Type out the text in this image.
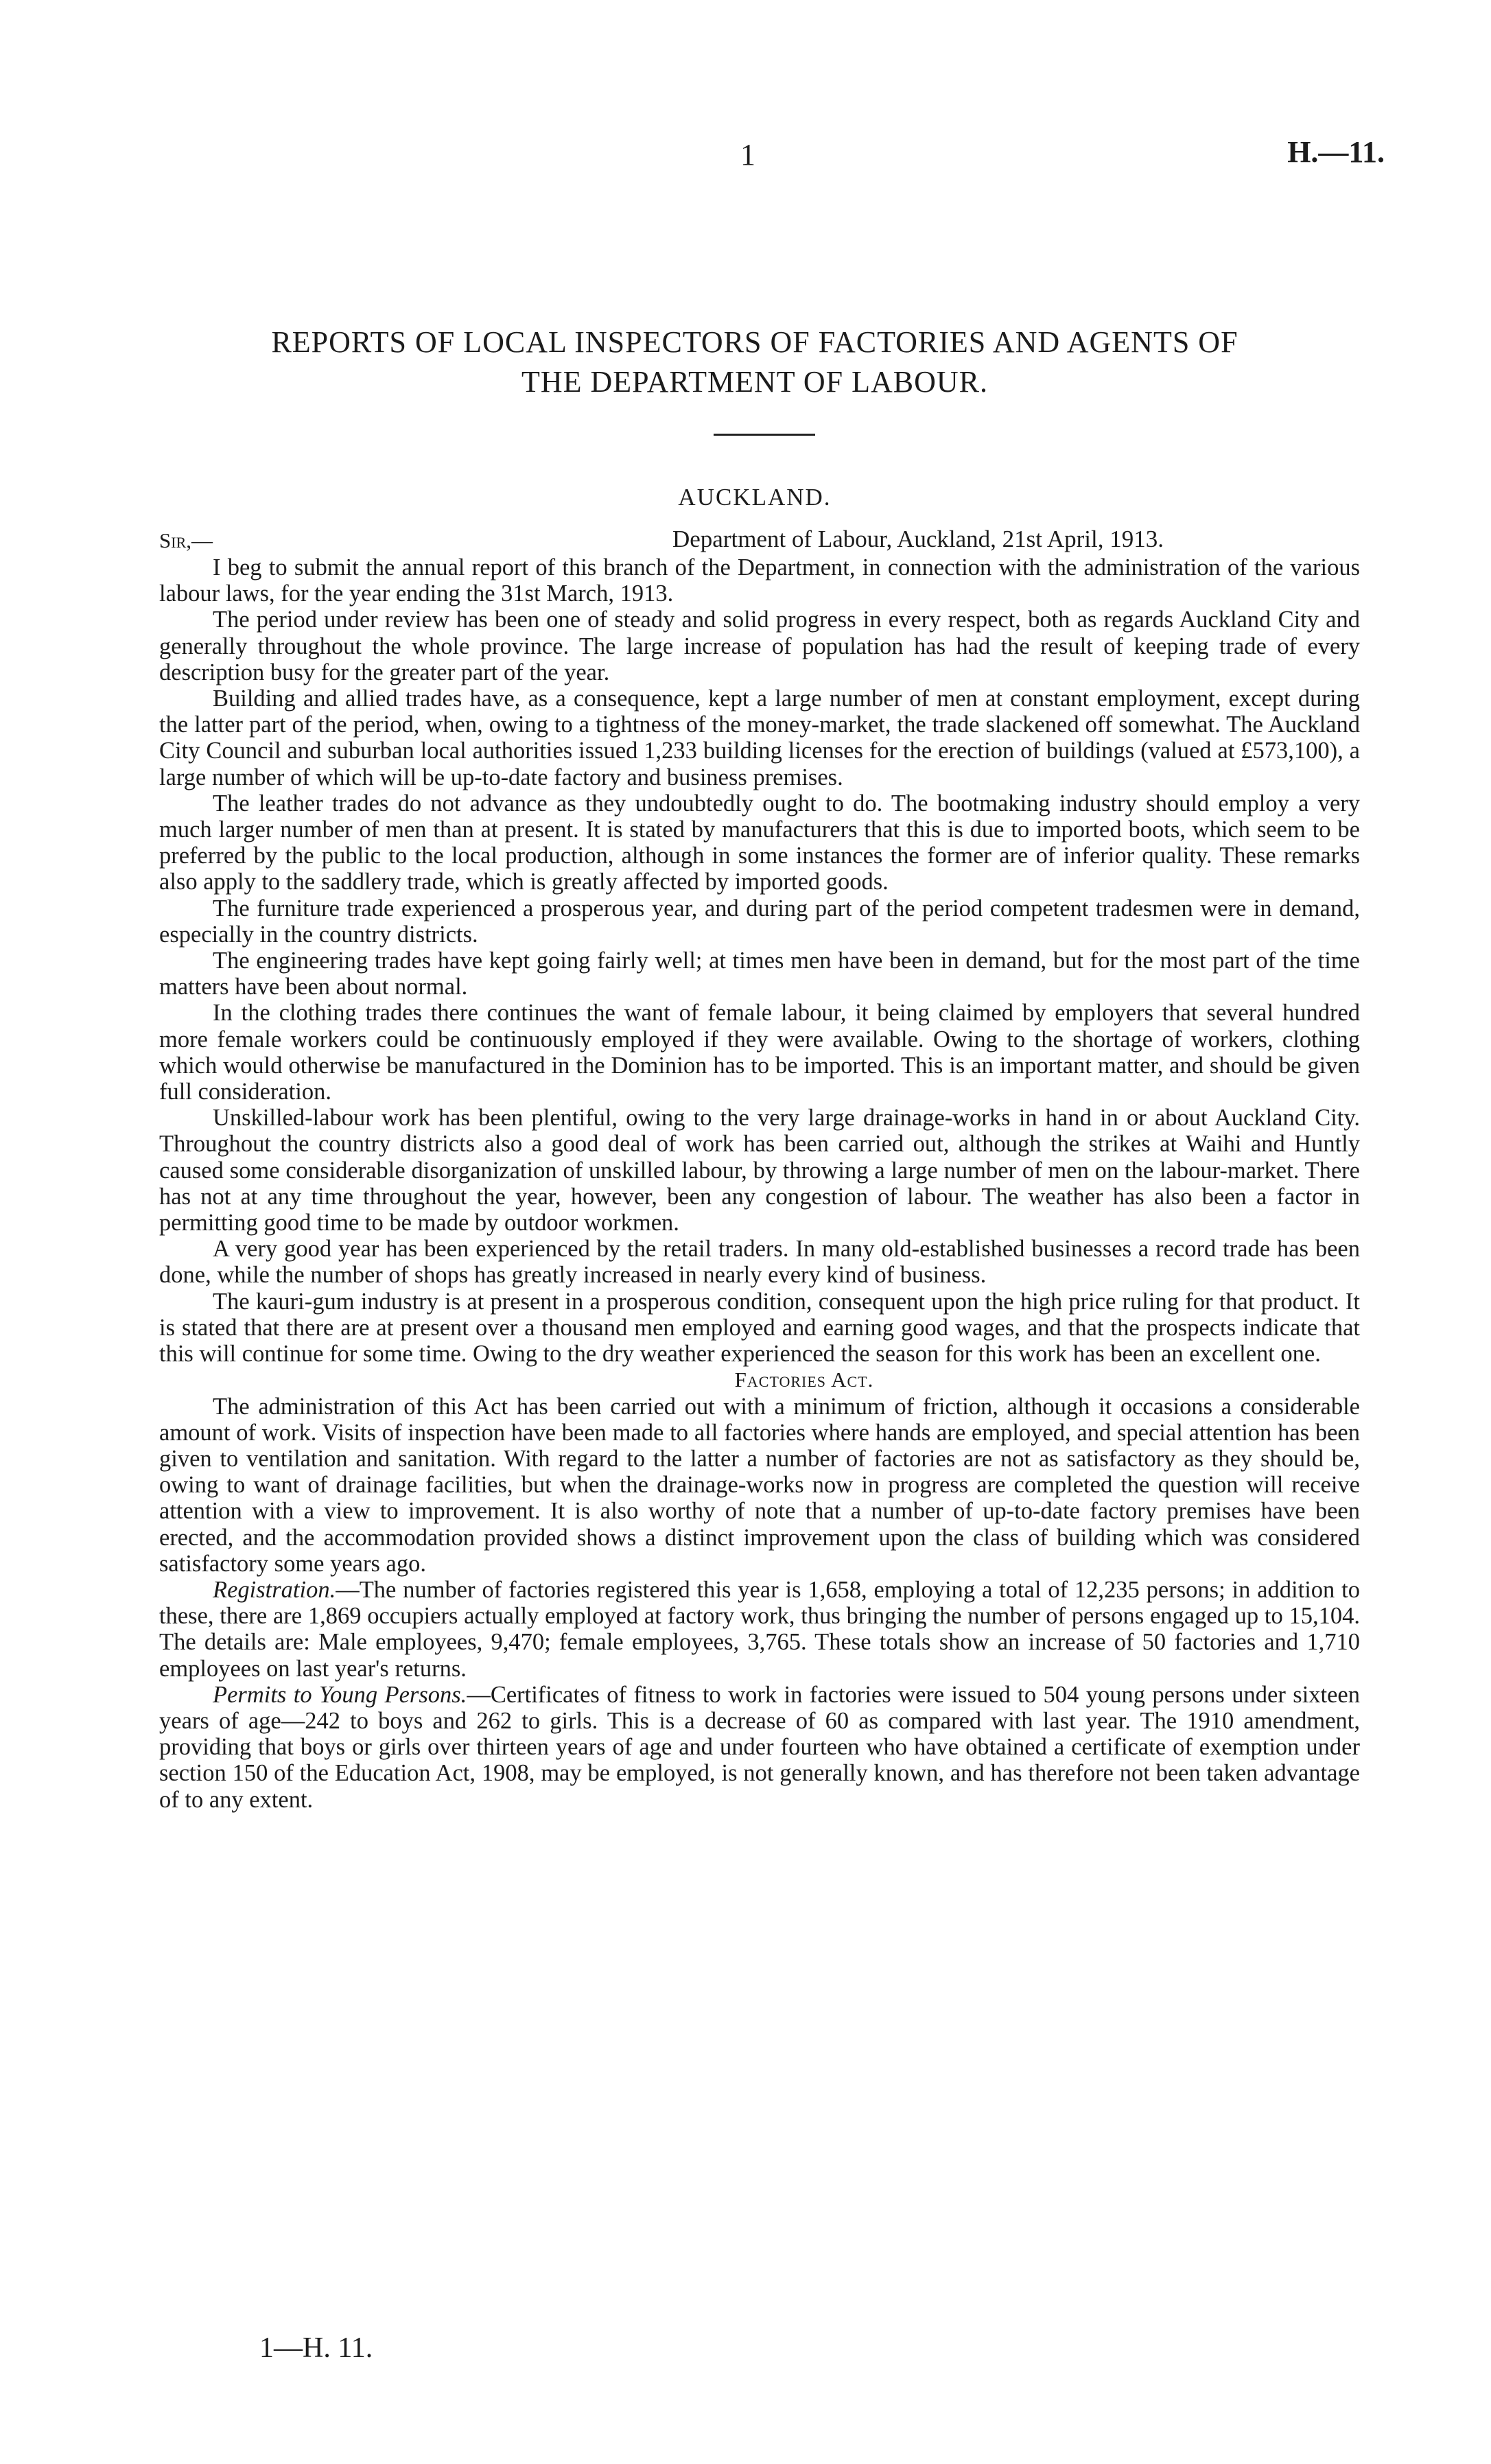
1	H.—11.
REPORTS OF LOCAL INSPECTORS OF FACTORIES AND AGENTS OF
THE DEPARTMENT OF LABOUR.
AUCKLAND.
Sir,—	Department of Labour, Auckland, 21st April, 1913.

I beg to submit the annual report of this branch of the Department, in connection with the administration of the various labour laws, for the year ending the 31st March, 1913.

The period under review has been one of steady and solid progress in every respect, both as regards Auckland City and generally throughout the whole province. The large increase of population has had the result of keeping trade of every description busy for the greater part of the year.

Building and allied trades have, as a consequence, kept a large number of men at constant employment, except during the latter part of the period, when, owing to a tightness of the money-market, the trade slackened off somewhat. The Auckland City Council and suburban local authorities issued 1,233 building licenses for the erection of buildings (valued at £573,100), a large number of which will be up-to-date factory and business premises.

The leather trades do not advance as they undoubtedly ought to do. The bootmaking industry should employ a very much larger number of men than at present. It is stated by manufacturers that this is due to imported boots, which seem to be preferred by the public to the local production, although in some instances the former are of inferior quality. These remarks also apply to the saddlery trade, which is greatly affected by imported goods.

The furniture trade experienced a prosperous year, and during part of the period competent tradesmen were in demand, especially in the country districts.

The engineering trades have kept going fairly well; at times men have been in demand, but for the most part of the time matters have been about normal.

In the clothing trades there continues the want of female labour, it being claimed by employers that several hundred more female workers could be continuously employed if they were available. Owing to the shortage of workers, clothing which would otherwise be manufactured in the Dominion has to be imported. This is an important matter, and should be given full consideration.

Unskilled-labour work has been plentiful, owing to the very large drainage-works in hand in or about Auckland City. Throughout the country districts also a good deal of work has been carried out, although the strikes at Waihi and Huntly caused some considerable disorganization of unskilled labour, by throwing a large number of men on the labour-market. There has not at any time throughout the year, however, been any congestion of labour. The weather has also been a factor in permitting good time to be made by outdoor workmen.

A very good year has been experienced by the retail traders. In many old-established businesses a record trade has been done, while the number of shops has greatly increased in nearly every kind of business.

The kauri-gum industry is at present in a prosperous condition, consequent upon the high price ruling for that product. It is stated that there are at present over a thousand men employed and earning good wages, and that the prospects indicate that this will continue for some time. Owing to the dry weather experienced the season for this work has been an excellent one.

Factories Act.

The administration of this Act has been carried out with a minimum of friction, although it occasions a considerable amount of work. Visits of inspection have been made to all factories where hands are employed, and special attention has been given to ventilation and sanitation. With regard to the latter a number of factories are not as satisfactory as they should be, owing to want of drainage facilities, but when the drainage-works now in progress are completed the question will receive attention with a view to improvement. It is also worthy of note that a number of up-to-date factory premises have been erected, and the accommodation provided shows a distinct improvement upon the class of building which was considered satisfactory some years ago.

Registration.—The number of factories registered this year is 1,658, employing a total of 12,235 persons; in addition to these, there are 1,869 occupiers actually employed at factory work, thus bringing the number of persons engaged up to 15,104. The details are: Male employees, 9,470; female employees, 3,765. These totals show an increase of 50 factories and 1,710 employees on last year's returns.

Permits to Young Persons.—Certificates of fitness to work in factories were issued to 504 young persons under sixteen years of age—242 to boys and 262 to girls. This is a decrease of 60 as compared with last year. The 1910 amendment, providing that boys or girls over thirteen years of age and under fourteen who have obtained a certificate of exemption under section 150 of the Education Act, 1908, may be employed, is not generally known, and has therefore not been taken advantage of to any extent.

1—H. 11.
